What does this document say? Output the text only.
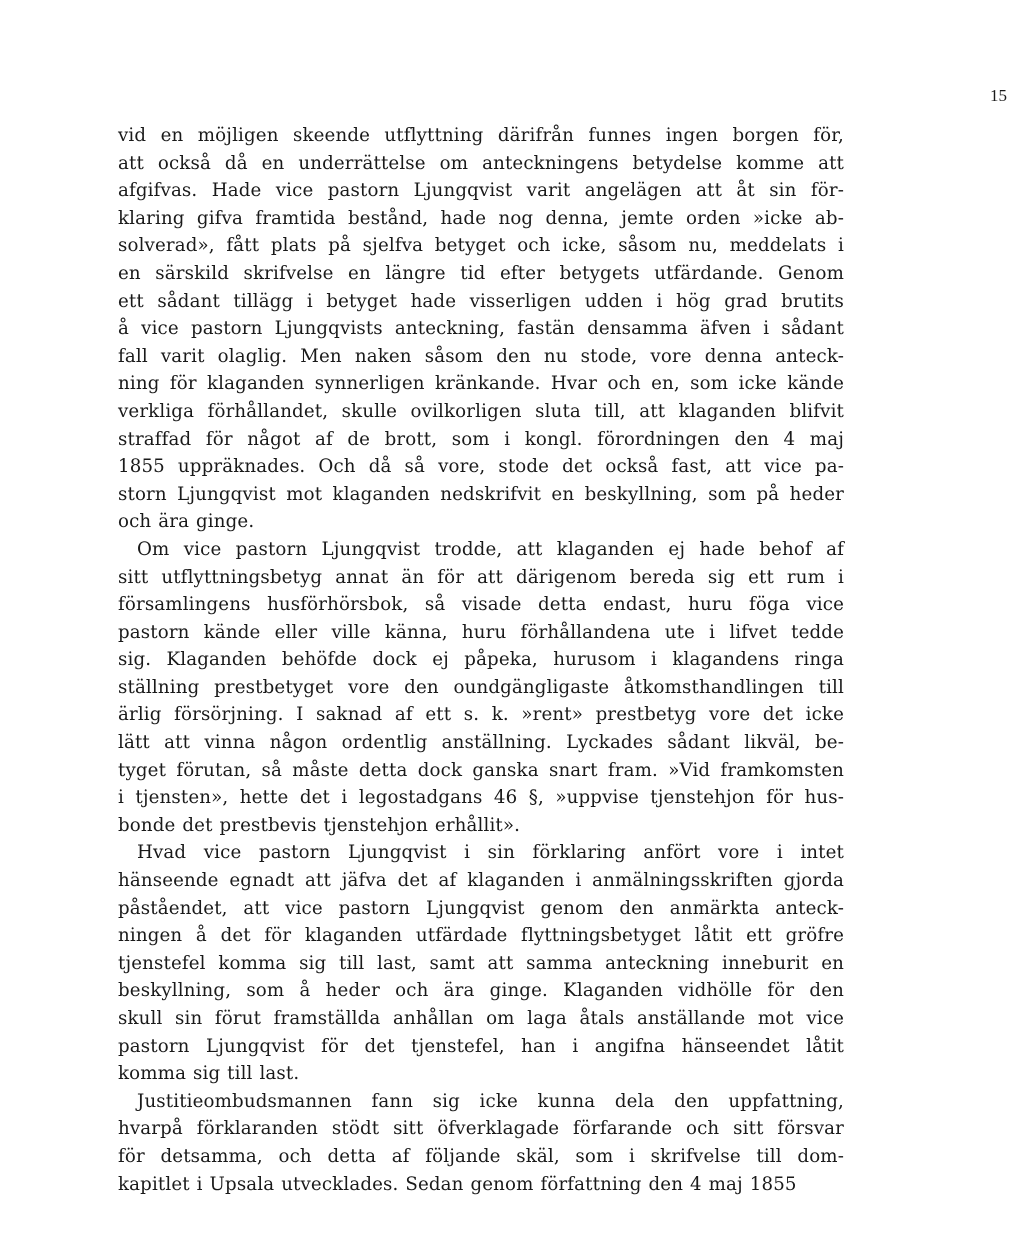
15
vid en möjligen skeende utflyttning därifrån funnes ingen borgen för,
att också då en underrättelse om anteckningens betydelse komme att
afgifvas. Hade vice pastorn Ljungqvist varit angelägen att åt sin för-
klaring gifva framtida bestånd, hade nog denna, jemte orden »icke ab-
solverad», fått plats på sjelfva betyget och icke, såsom nu, meddelats i
en särskild skrifvelse en längre tid efter betygets utfärdande. Genom
ett sådant tillägg i betyget hade visserligen udden i hög grad brutits
å vice pastorn Ljungqvists anteckning, fastän densamma äfven i sådant
fall varit olaglig. Men naken såsom den nu stode, vore denna anteck-
ning för klaganden synnerligen kränkande. Hvar och en, som icke kände
verkliga förhållandet, skulle ovilkorligen sluta till, att klaganden blifvit
straffad för något af de brott, som i kongl. förordningen den 4 maj
1855 uppräknades. Och då så vore, stode det också fast, att vice pa-
storn Ljungqvist mot klaganden nedskrifvit en beskyllning, som på heder
och ära ginge.
Om vice pastorn Ljungqvist trodde, att klaganden ej hade behof af
sitt utflyttningsbetyg annat än för att därigenom bereda sig ett rum i
församlingens husförhörsbok, så visade detta endast, huru föga vice
pastorn kände eller ville känna, huru förhållandena ute i lifvet tedde
sig. Klaganden behöfde dock ej påpeka, hurusom i klagandens ringa
ställning prestbetyget vore den oundgängligaste åtkomsthandlingen till
ärlig försörjning. I saknad af ett s. k. »rent» prestbetyg vore det icke
lätt att vinna någon ordentlig anställning. Lyckades sådant likväl, be-
tyget förutan, så måste detta dock ganska snart fram. »Vid framkomsten
i tjensten», hette det i legostadgans 46 §, »uppvise tjenstehjon för hus-
bonde det prestbevis tjenstehjon erhållit».
Hvad vice pastorn Ljungqvist i sin förklaring anfört vore i intet
hänseende egnadt att jäfva det af klaganden i anmälningsskriften gjorda
påståendet, att vice pastorn Ljungqvist genom den anmärkta anteck-
ningen å det för klaganden utfärdade flyttningsbetyget låtit ett gröfre
tjenstefel komma sig till last, samt att samma anteckning inneburit en
beskyllning, som å heder och ära ginge. Klaganden vidhölle för den
skull sin förut framställda anhållan om laga åtals anställande mot vice
pastorn Ljungqvist för det tjenstefel, han i angifna hänseendet låtit
komma sig till last.
Justitieombudsmannen fann sig icke kunna dela den uppfattning,
hvarpå förklaranden stödt sitt öfverklagade förfarande och sitt försvar
för detsamma, och detta af följande skäl, som i skrifvelse till dom-
kapitlet i Upsala utvecklades. Sedan genom författning den 4 maj 1855
